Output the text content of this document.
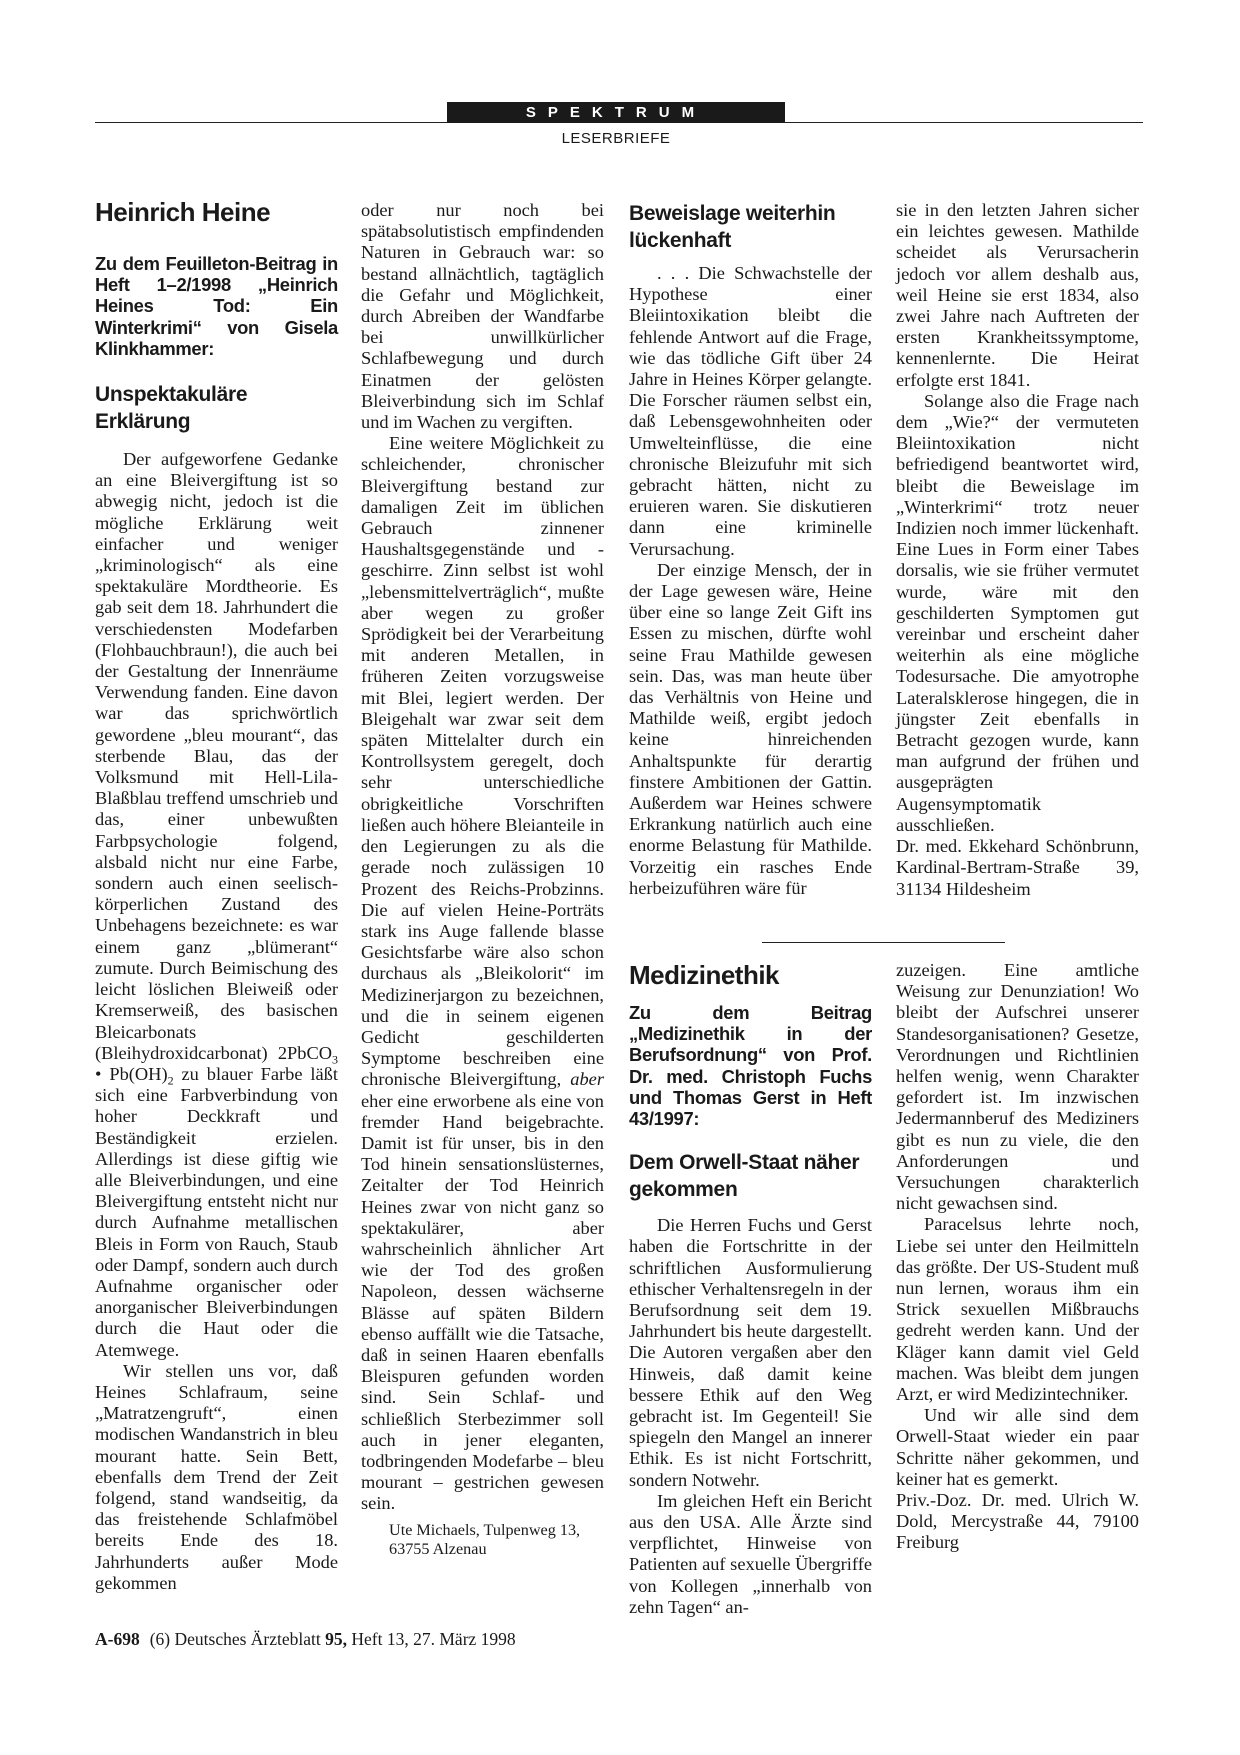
SPEKTRUM
LESERBRIEFE
Heinrich Heine

Zu dem Feuilleton-Beitrag in Heft 1–2/1998 „Heinrich Heines Tod: Ein Winterkrimi“ von Gisela Klinkhammer:

Unspektakuläre Erklärung

Der aufgeworfene Gedanke an eine Bleivergiftung ist so abwegig nicht, jedoch ist die mögliche Erklärung weit einfacher und weniger „kriminologisch“ als eine spektakuläre Mordtheorie. Es gab seit dem 18. Jahrhundert die verschiedensten Modefarben (Flohbauchbraun!), die auch bei der Gestaltung der Innenräume Verwendung fanden. Eine davon war das sprichwörtlich gewordene „bleu mourant“, das sterbende Blau, das der Volksmund mit Hell-Lila-Blaßblau treffend umschrieb und das, einer unbewußten Farbpsychologie folgend, alsbald nicht nur eine Farbe, sondern auch einen seelisch-körperlichen Zustand des Unbehagens bezeichnete: es war einem ganz „blümerant“ zumute. Durch Beimischung des leicht löslichen Bleiweiß oder Kremserweiß, des basischen Bleicarbonats (Bleihydroxidcarbonat) 2PbCO$_3$ • $Pb(OH)_2$ zu blauer Farbe läßt sich eine Farbverbindung von hoher Deckkraft und Beständigkeit erzielen. Allerdings ist diese giftig wie alle Bleiverbindungen, und eine Bleivergiftung entsteht nicht nur durch Aufnahme metallischen Bleis in Form von Rauch, Staub oder Dampf, sondern auch durch Aufnahme organischer oder anorganischer Bleiverbindungen durch die Haut oder die Atemwege.

Wir stellen uns vor, daß Heines Schlafraum, seine „Matratzengruft“, einen modischen Wandanstrich in bleu mourant hatte. Sein Bett, ebenfalls dem Trend der Zeit folgend, stand wandseitig, da das freistehende Schlafmöbel bereits Ende des 18. Jahrhunderts außer Mode gekommen

oder nur noch bei spätabsolutistisch empfindenden Naturen in Gebrauch war: so bestand allnächtlich, tagtäglich die Gefahr und Möglichkeit, durch Abreiben der Wandfarbe bei unwillkürlicher Schlafbewegung und durch Einatmen der gelösten Bleiverbindung sich im Schlaf und im Wachen zu vergiften.

Eine weitere Möglichkeit zu schleichender, chronischer Bleivergiftung bestand zur damaligen Zeit im üblichen Gebrauch zinnener Haushaltsgegenstände und -geschirre. Zinn selbst ist wohl „lebensmittelverträglich“, mußte aber wegen zu großer Sprödigkeit bei der Verarbeitung mit anderen Metallen, in früheren Zeiten vorzugsweise mit Blei, legiert werden. Der Bleigehalt war zwar seit dem späten Mittelalter durch ein Kontrollsystem geregelt, doch sehr unterschiedliche obrigkeitliche Vorschriften ließen auch höhere Bleianteile in den Legierungen zu als die gerade noch zulässigen 10 Prozent des Reichs-Probzinns. Die auf vielen Heine-Porträts stark ins Auge fallende blasse Gesichtsfarbe wäre also schon durchaus als „Bleikolorit“ im Medizinerjargon zu bezeichnen, und die in seinem eigenen Gedicht geschilderten Symptome beschreiben eine chronische Bleivergiftung, aber eher eine erworbene als eine von fremder Hand beigebrachte. Damit ist für unser, bis in den Tod hinein sensationslüsternes, Zeitalter der Tod Heinrich Heines zwar von nicht ganz so spektakulärer, aber wahrscheinlich ähnlicher Art wie der Tod des großen Napoleon, dessen wächserne Blässe auf späten Bildern ebenso auffällt wie die Tatsache, daß in seinen Haaren ebenfalls Bleispuren gefunden worden sind. Sein Schlaf- und schließlich Sterbezimmer soll auch in jener eleganten, todbringenden Modefarbe – bleu mourant – gestrichen gewesen sein.

Ute Michaels, Tulpenweg 13,
63755 Alzenau
Beweislage weiterhin lückenhaft

. . . Die Schwachstelle der Hypothese einer Bleiintoxikation bleibt die fehlende Antwort auf die Frage, wie das tödliche Gift über 24 Jahre in Heines Körper gelangte. Die Forscher räumen selbst ein, daß Lebensgewohnheiten oder Umwelteinflüsse, die eine chronische Bleizufuhr mit sich gebracht hätten, nicht zu eruieren waren. Sie diskutieren dann eine kriminelle Verursachung.

Der einzige Mensch, der in der Lage gewesen wäre, Heine über eine so lange Zeit Gift ins Essen zu mischen, dürfte wohl seine Frau Mathilde gewesen sein. Das, was man heute über das Verhältnis von Heine und Mathilde weiß, ergibt jedoch keine hinreichenden Anhaltspunkte für derartig finstere Ambitionen der Gattin. Außerdem war Heines schwere Erkrankung natürlich auch eine enorme Belastung für Mathilde. Vorzeitig ein rasches Ende herbeizuführen wäre für

sie in den letzten Jahren sicher ein leichtes gewesen. Mathilde scheidet als Verursacherin jedoch vor allem deshalb aus, weil Heine sie erst 1834, also zwei Jahre nach Auftreten der ersten Krankheitssymptome, kennenlernte. Die Heirat erfolgte erst 1841.

Solange also die Frage nach dem „Wie?“ der vermuteten Bleiintoxikation nicht befriedigend beantwortet wird, bleibt die Beweislage im „Winterkrimi“ trotz neuer Indizien noch immer lückenhaft. Eine Lues in Form einer Tabes dorsalis, wie sie früher vermutet wurde, wäre mit den geschilderten Symptomen gut vereinbar und erscheint daher weiterhin als eine mögliche Todesursache. Die amyotrophe Lateralsklerose hingegen, die in jüngster Zeit ebenfalls in Betracht gezogen wurde, kann man aufgrund der frühen und ausgeprägten Augensymptomatik ausschließen.

Dr. med. Ekkehard Schönbrunn, Kardinal-Bertram-Straße 39, 31134 Hildesheim

Medizinethik

Zu dem Beitrag „Medizinethik in der Berufsordnung“ von Prof. Dr. med. Christoph Fuchs und Thomas Gerst in Heft 43/1997:

Dem Orwell-Staat näher gekommen

Die Herren Fuchs und Gerst haben die Fortschritte in der schriftlichen Ausformulierung ethischer Verhaltensregeln in der Berufsordnung seit dem 19. Jahrhundert bis heute dargestellt. Die Autoren vergaßen aber den Hinweis, daß damit keine bessere Ethik auf den Weg gebracht ist. Im Gegenteil! Sie spiegeln den Mangel an innerer Ethik. Es ist nicht Fortschritt, sondern Notwehr.

Im gleichen Heft ein Bericht aus den USA. Alle Ärzte sind verpflichtet, Hinweise von Patienten auf sexuelle Übergriffe von Kollegen „innerhalb von zehn Tagen“ an-

zuzeigen. Eine amtliche Weisung zur Denunziation! Wo bleibt der Aufschrei unserer Standesorganisationen? Gesetze, Verordnungen und Richtlinien helfen wenig, wenn Charakter gefordert ist. Im inzwischen Jedermannberuf des Mediziners gibt es nun zu viele, die den Anforderungen und Versuchungen charakterlich nicht gewachsen sind.

Paracelsus lehrte noch, Liebe sei unter den Heilmitteln das größte. Der US-Student muß nun lernen, woraus ihm ein Strick sexuellen Mißbrauchs gedreht werden kann. Und der Kläger kann damit viel Geld machen. Was bleibt dem jungen Arzt, er wird Medizintechniker.

Und wir alle sind dem Orwell-Staat wieder ein paar Schritte näher gekommen, und keiner hat es gemerkt.

Priv.-Doz. Dr. med. Ulrich W. Dold, Mercystraße 44, 79100 Freiburg

A-698 (6) Deutsches Ärzteblatt 95, Heft 13, 27. März 1998
